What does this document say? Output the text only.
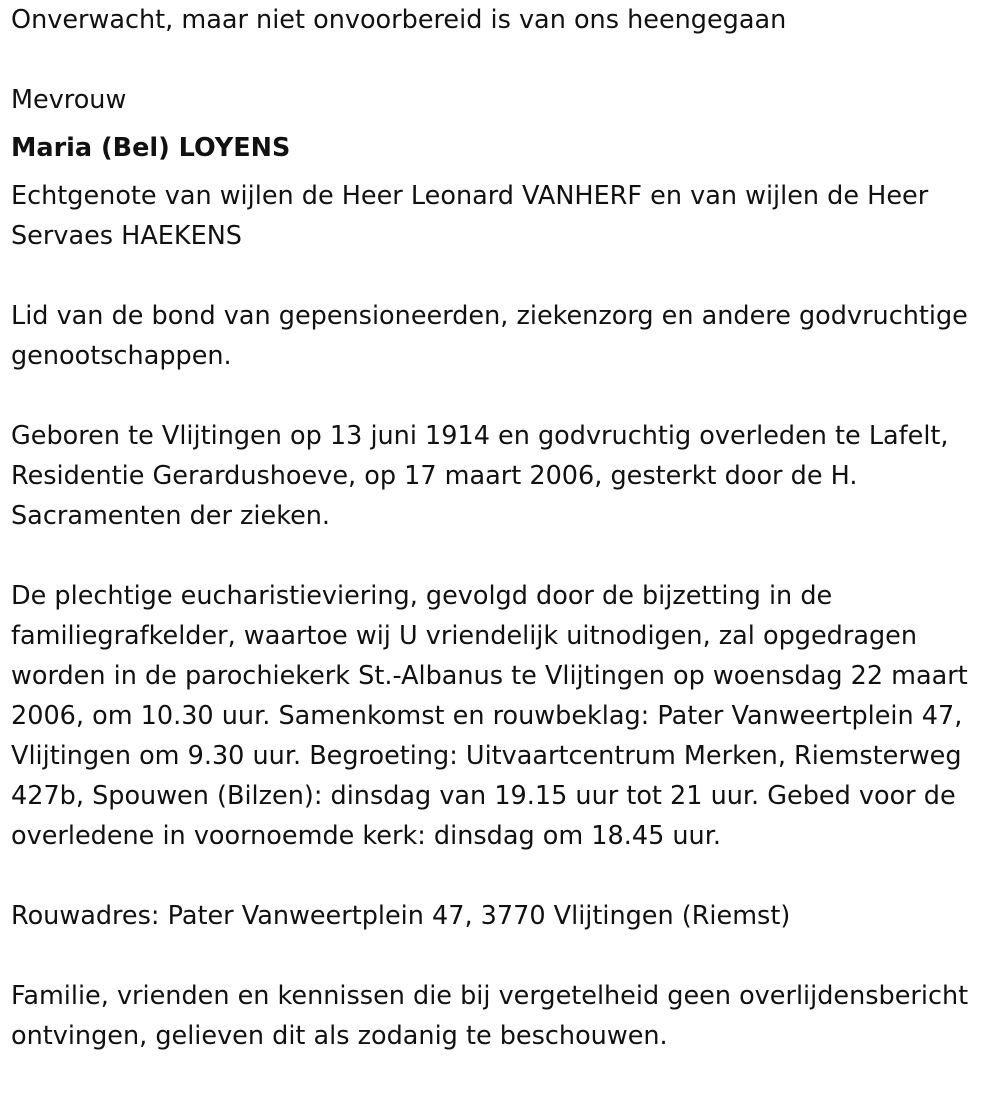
Onverwacht, maar niet onvoorbereid is van ons heengegaan

Mevrouw

Maria (Bel) LOYENS

Echtgenote van wijlen de Heer Leonard VANHERF en van wijlen de Heer Servaes HAEKENS

Lid van de bond van gepensioneerden, ziekenzorg en andere godvruchtige genootschappen.

Geboren te Vlijtingen op 13 juni 1914 en godvruchtig overleden te Lafelt, Residentie Gerardushoeve, op 17 maart 2006, gesterkt door de H. Sacramenten der zieken.

De plechtige eucharistieviering, gevolgd door de bijzetting in de familiegrafkelder, waartoe wij U vriendelijk uitnodigen, zal opgedragen worden in de parochiekerk St.-Albanus te Vlijtingen op woensdag 22 maart 2006, om 10.30 uur. Samenkomst en rouwbeklag: Pater Vanweertplein 47, Vlijtingen om 9.30 uur. Begroeting: Uitvaartcentrum Merken, Riemsterweg 427b, Spouwen (Bilzen): dinsdag van 19.15 uur tot 21 uur. Gebed voor de overledene in voornoemde kerk: dinsdag om 18.45 uur.

Rouwadres: Pater Vanweertplein 47, 3770 Vlijtingen (Riemst)

Familie, vrienden en kennissen die bij vergetelheid geen overlijdensbericht ontvingen, gelieven dit als zodanig te beschouwen.
